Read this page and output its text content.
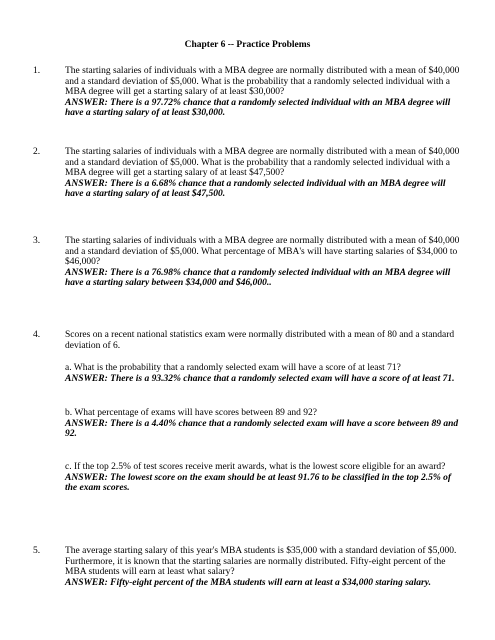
Chapter 6 -- Practice Problems
1.	The starting salaries of individuals with a MBA degree are normally distributed with a mean of $40,000
and a standard deviation of $5,000. What is the probability that a randomly selected individual with a
MBA degree will get a starting salary of at least $30,000?
ANSWER: There is a 97.72% chance that a randomly selected individual with an MBA degree will
have a starting salary of at least $30,000.
2.	The starting salaries of individuals with a MBA degree are normally distributed with a mean of $40,000
and a standard deviation of $5,000. What is the probability that a randomly selected individual with a
MBA degree will get a starting salary of at least $47,500?
ANSWER: There is a 6.68% chance that a randomly selected individual with an MBA degree will
have a starting salary of at least $47,500.
3.	The starting salaries of individuals with a MBA degree are normally distributed with a mean of $40,000
and a standard deviation of $5,000. What percentage of MBA's will have starting salaries of $34,000 to
$46,000?
ANSWER: There is a 76.98% chance that a randomly selected individual with an MBA degree will
have a starting salary between $34,000 and $46,000..
4.	Scores on a recent national statistics exam were normally distributed with a mean of 80 and a standard
deviation of 6.
a. What is the probability that a randomly selected exam will have a score of at least 71?
ANSWER: There is a 93.32% chance that a randomly selected exam will have a score of at least 71.
b. What percentage of exams will have scores between 89 and 92?
ANSWER: There is a 4.40% chance that a randomly selected exam will have a score between 89 and
92.
c. If the top 2.5% of test scores receive merit awards, what is the lowest score eligible for an award?
ANSWER: The lowest score on the exam should be at least 91.76 to be classified in the top 2.5% of
the exam scores.
5.	The average starting salary of this year's MBA students is $35,000 with a standard deviation of $5,000.
Furthermore, it is known that the starting salaries are normally distributed. Fifty-eight percent of the
MBA students will earn at least what salary?
ANSWER: Fifty-eight percent of the MBA students will earn at least a $34,000 staring salary.
